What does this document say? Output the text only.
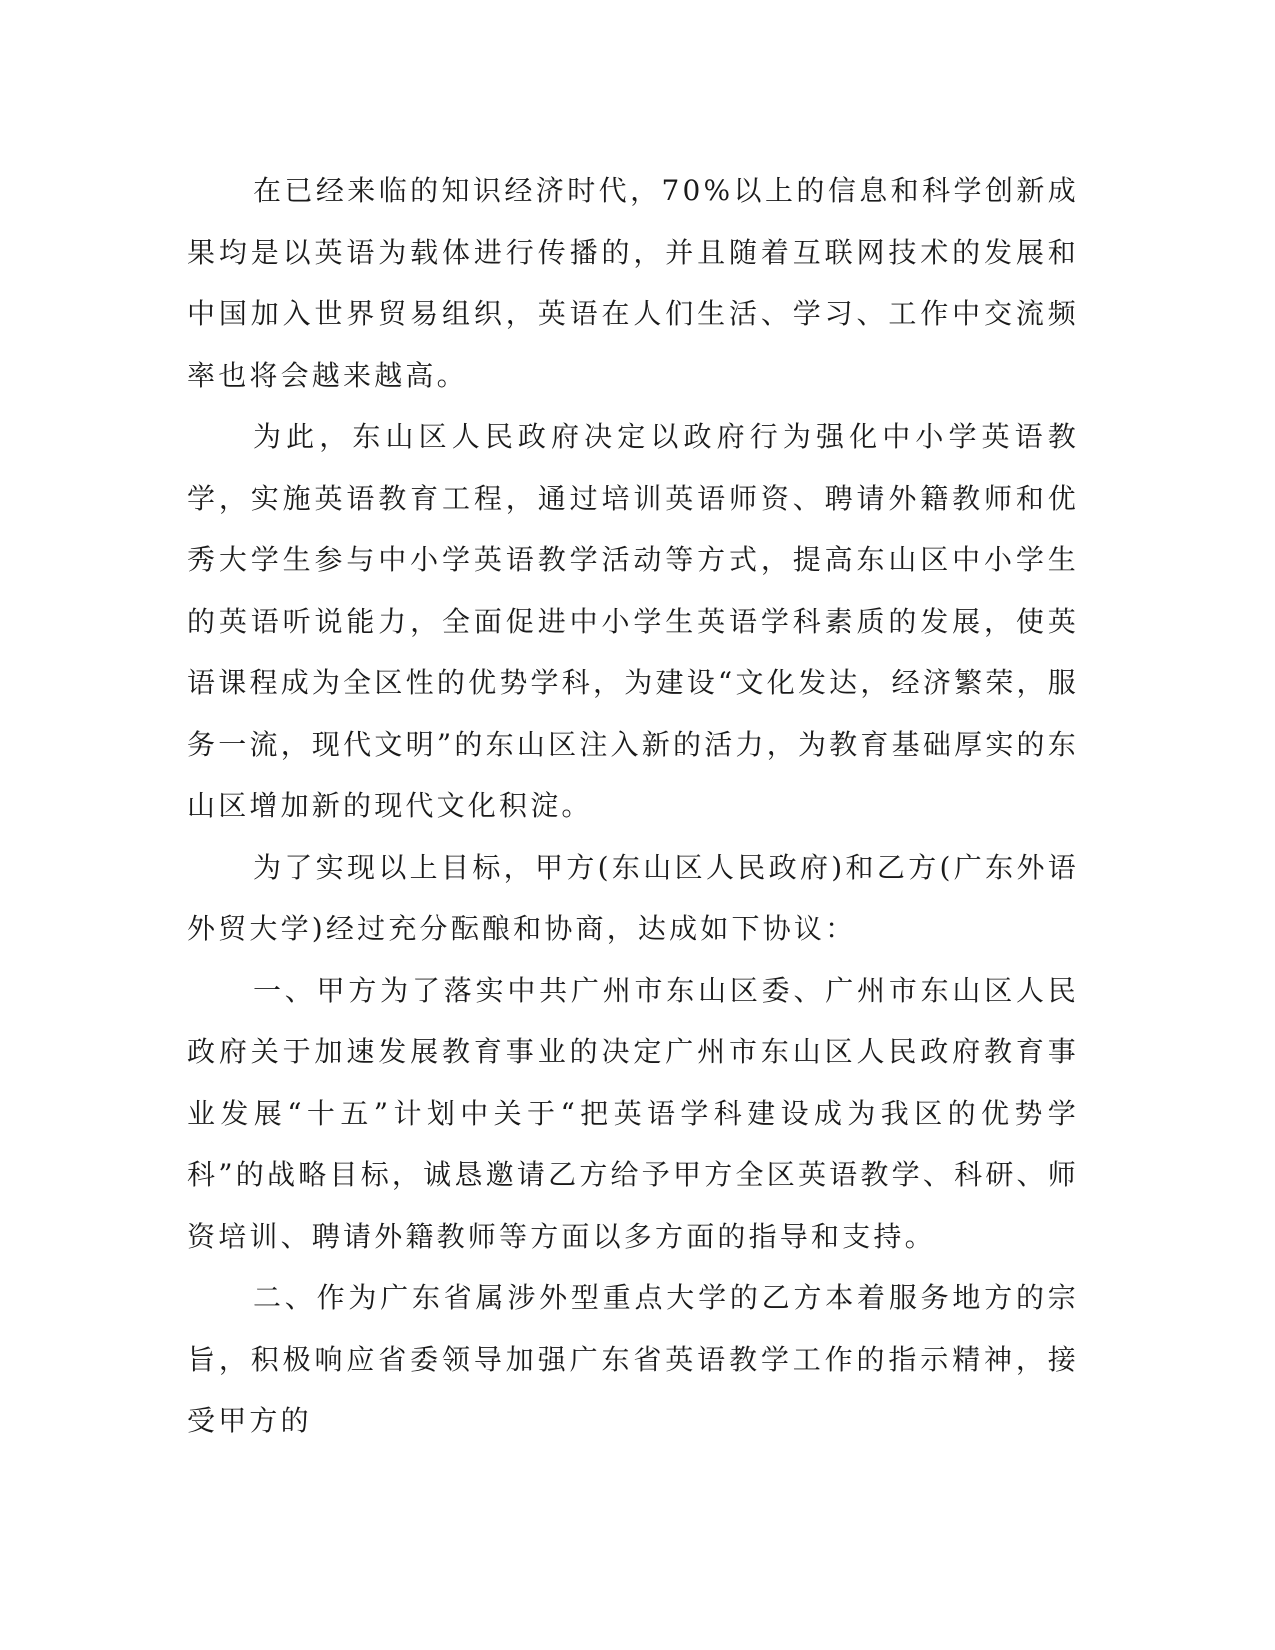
在已经来临的知识经济时代，70%以上的信息和科学创新成果均是以英语为载体进行传播的，并且随着互联网技术的发展和中国加入世界贸易组织，英语在人们生活、学习、工作中交流频率也将会越来越高。

为此，东山区人民政府决定以政府行为强化中小学英语教学，实施英语教育工程，通过培训英语师资、聘请外籍教师和优秀大学生参与中小学英语教学活动等方式，提高东山区中小学生的英语听说能力，全面促进中小学生英语学科素质的发展，使英语课程成为全区性的优势学科，为建设“文化发达，经济繁荣，服务一流，现代文明”的东山区注入新的活力，为教育基础厚实的东山区增加新的现代文化积淀。

为了实现以上目标，甲方(东山区人民政府)和乙方(广东外语外贸大学)经过充分酝酿和协商，达成如下协议：

一、甲方为了落实中共广州市东山区委、广州市东山区人民政府关于加速发展教育事业的决定广州市东山区人民政府教育事业发展“十五”计划中关于“把英语学科建设成为我区的优势学科”的战略目标，诚恳邀请乙方给予甲方全区英语教学、科研、师资培训、聘请外籍教师等方面以多方面的指导和支持。

二、作为广东省属涉外型重点大学的乙方本着服务地方的宗旨，积极响应省委领导加强广东省英语教学工作的指示精神，接受甲方的
